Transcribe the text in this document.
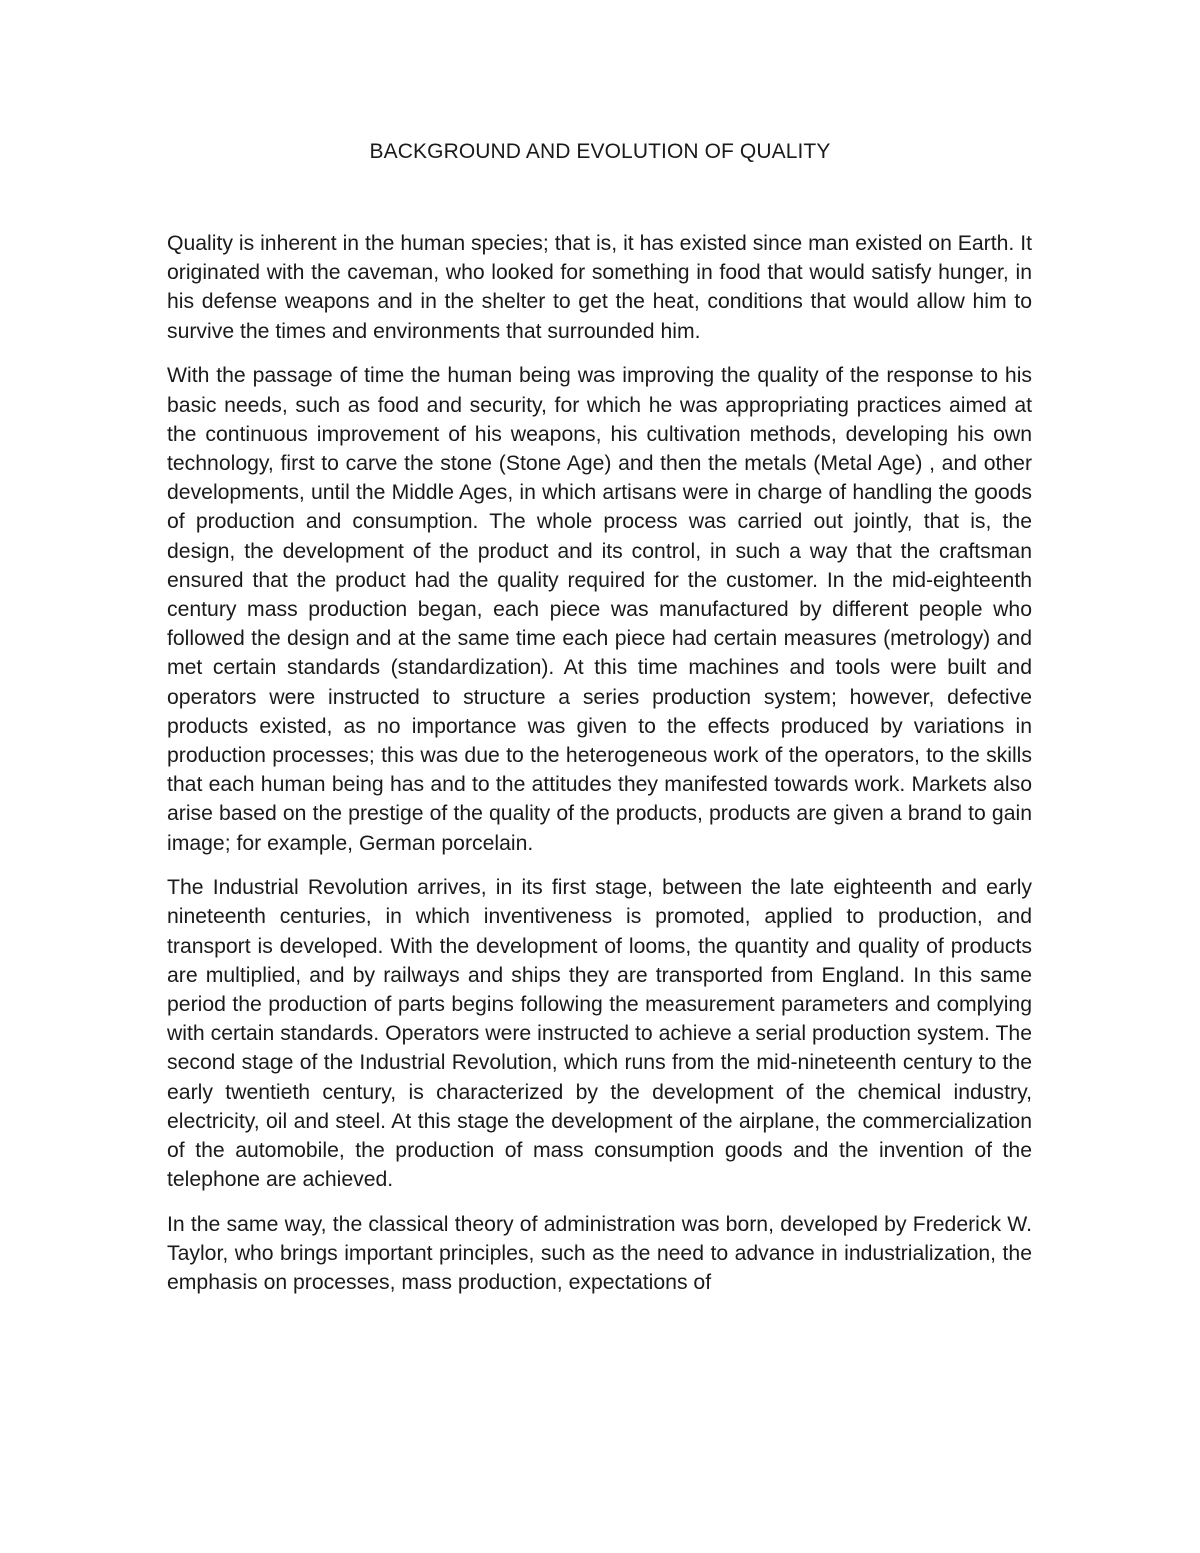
BACKGROUND AND EVOLUTION OF QUALITY

Quality is inherent in the human species; that is, it has existed since man existed on Earth. It originated with the caveman, who looked for something in food that would satisfy hunger, in his defense weapons and in the shelter to get the heat, conditions that would allow him to survive the times and environments that surrounded him.

With the passage of time the human being was improving the quality of the response to his basic needs, such as food and security, for which he was appropriating practices aimed at the continuous improvement of his weapons, his cultivation methods, developing his own technology, first to carve the stone (Stone Age) and then the metals (Metal Age) , and other developments, until the Middle Ages, in which artisans were in charge of handling the goods of production and consumption. The whole process was carried out jointly, that is, the design, the development of the product and its control, in such a way that the craftsman ensured that the product had the quality required for the customer. In the mid-eighteenth century mass production began, each piece was manufactured by different people who followed the design and at the same time each piece had certain measures (metrology) and met certain standards (standardization). At this time machines and tools were built and operators were instructed to structure a series production system; however, defective products existed, as no importance was given to the effects produced by variations in production processes; this was due to the heterogeneous work of the operators, to the skills that each human being has and to the attitudes they manifested towards work. Markets also arise based on the prestige of the quality of the products, products are given a brand to gain image; for example, German porcelain.

The Industrial Revolution arrives, in its first stage, between the late eighteenth and early nineteenth centuries, in which inventiveness is promoted, applied to production, and transport is developed. With the development of looms, the quantity and quality of products are multiplied, and by railways and ships they are transported from England. In this same period the production of parts begins following the measurement parameters and complying with certain standards. Operators were instructed to achieve a serial production system. The second stage of the Industrial Revolution, which runs from the mid-nineteenth century to the early twentieth century, is characterized by the development of the chemical industry, electricity, oil and steel. At this stage the development of the airplane, the commercialization of the automobile, the production of mass consumption goods and the invention of the telephone are achieved.

In the same way, the classical theory of administration was born, developed by Frederick W. Taylor, who brings important principles, such as the need to advance in industrialization, the emphasis on processes, mass production, expectations of
